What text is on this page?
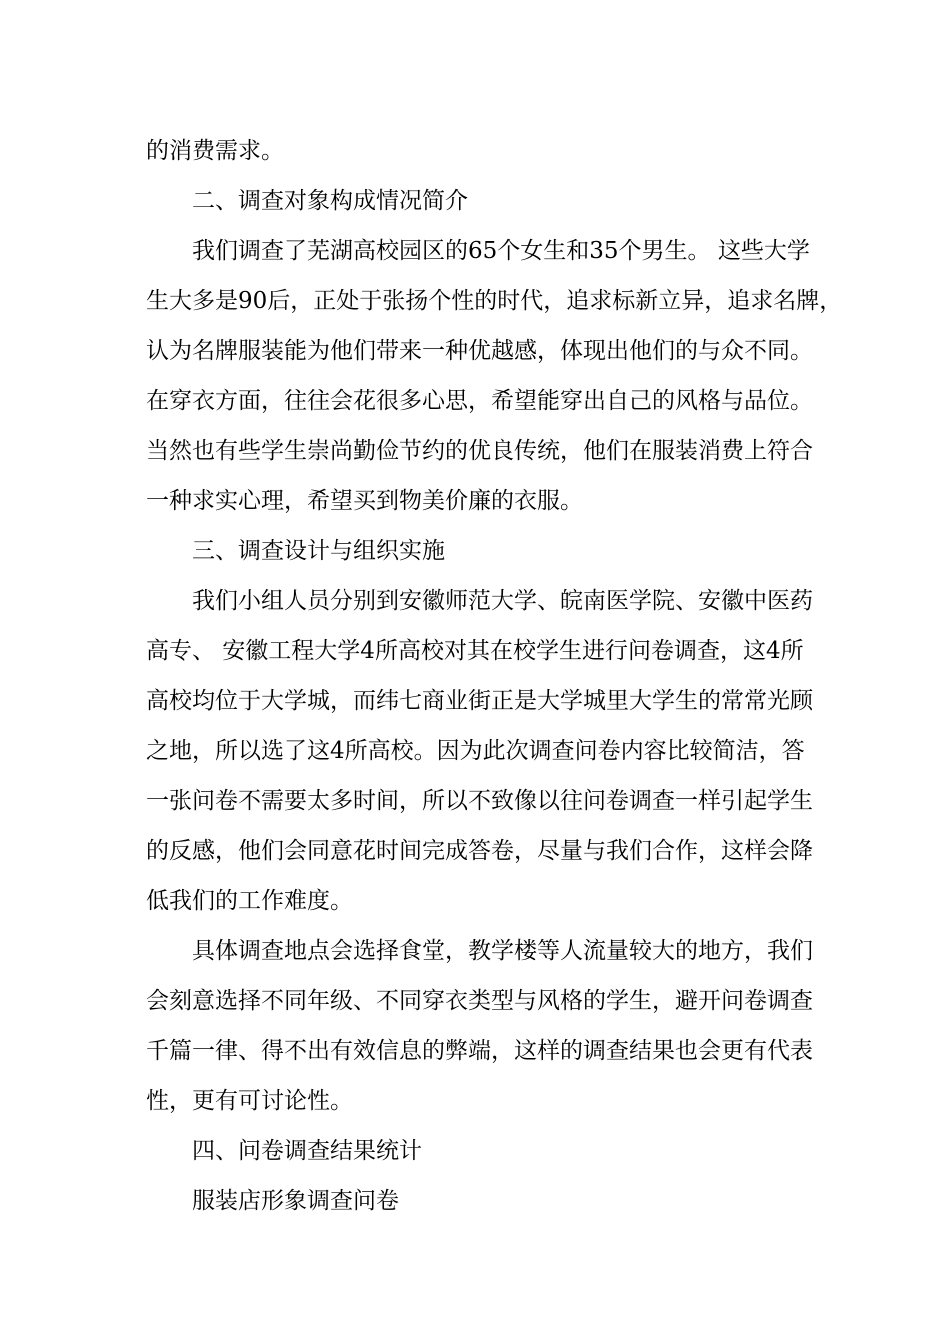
的消费需求。
二、调查对象构成情况简介
我们调查了芜湖高校园区的65个女生和35个男生。 这些大学
生大多是90后，正处于张扬个性的时代，追求标新立异，追求名牌，
认为名牌服装能为他们带来一种优越感，体现出他们的与众不同。
在穿衣方面，往往会花很多心思，希望能穿出自己的风格与品位。
当然也有些学生崇尚勤俭节约的优良传统，他们在服装消费上符合
一种求实心理，希望买到物美价廉的衣服。
三、调查设计与组织实施
我们小组人员分别到安徽师范大学、皖南医学院、安徽中医药
高专、 安徽工程大学4所高校对其在校学生进行问卷调查，这4所
高校均位于大学城，而纬七商业街正是大学城里大学生的常常光顾
之地，所以选了这4所高校。因为此次调查问卷内容比较简洁，答
一张问卷不需要太多时间，所以不致像以往问卷调查一样引起学生
的反感，他们会同意花时间完成答卷，尽量与我们合作，这样会降
低我们的工作难度。
具体调查地点会选择食堂，教学楼等人流量较大的地方，我们
会刻意选择不同年级、不同穿衣类型与风格的学生，避开问卷调查
千篇一律、得不出有效信息的弊端，这样的调查结果也会更有代表
性，更有可讨论性。
四、问卷调查结果统计
服装店形象调查问卷
